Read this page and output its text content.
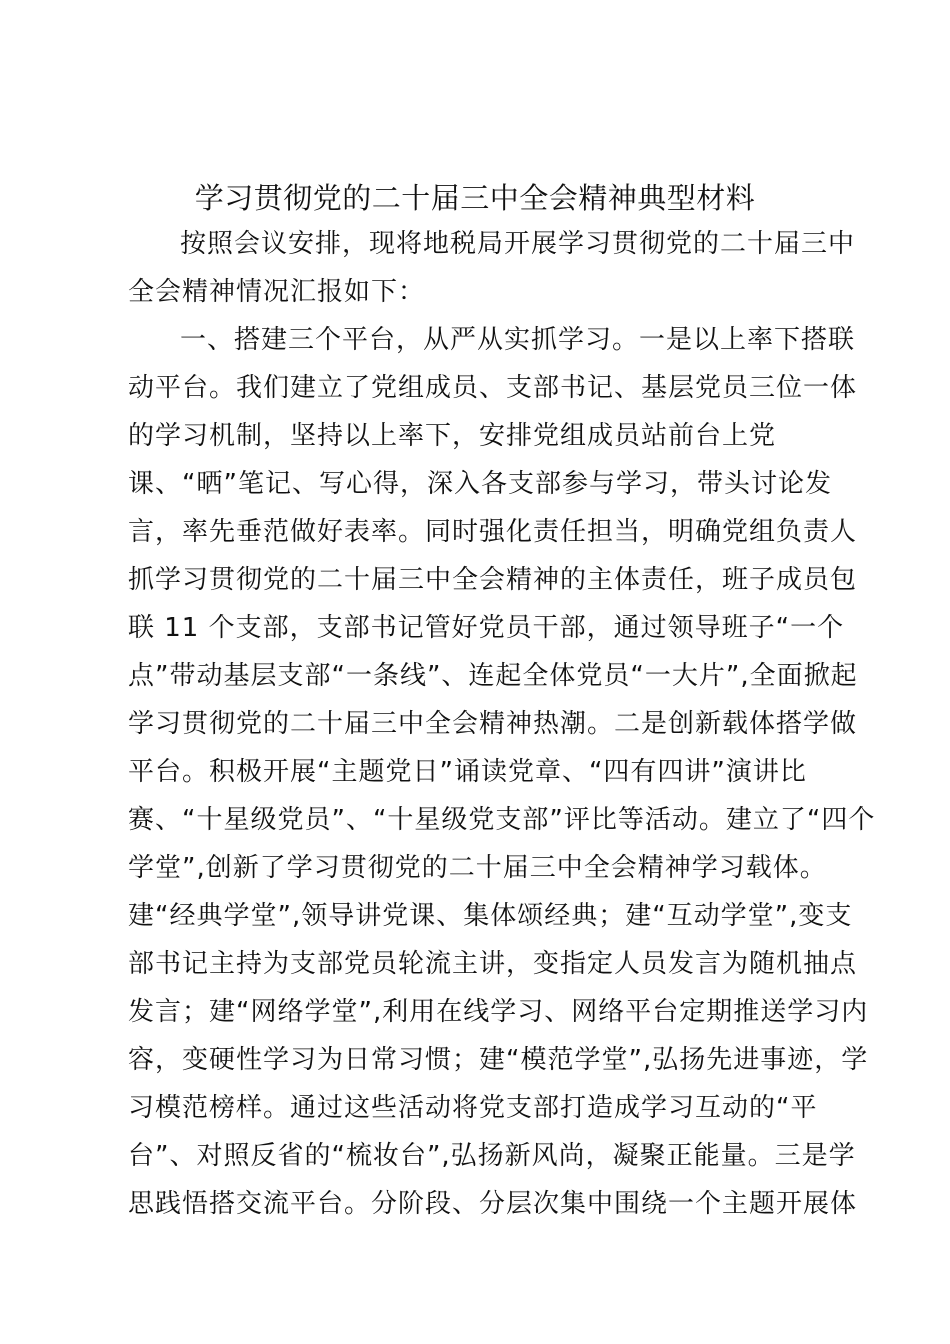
学习贯彻党的二十届三中全会精神典型材料
按照会议安排，现将地税局开展学习贯彻党的二十届三中
全会精神情况汇报如下：
一、搭建三个平台，从严从实抓学习。一是以上率下搭联
动平台。我们建立了党组成员、支部书记、基层党员三位一体
的学习机制，坚持以上率下，安排党组成员站前台上党
课、“晒”笔记、写心得，深入各支部参与学习，带头讨论发
言，率先垂范做好表率。同时强化责任担当，明确党组负责人
抓学习贯彻党的二十届三中全会精神的主体责任，班子成员包
联 11 个支部，支部书记管好党员干部，通过领导班子“一个
点”带动基层支部“一条线”、连起全体党员“一大片”,全面掀起
学习贯彻党的二十届三中全会精神热潮。二是创新载体搭学做
平台。积极开展“主题党日”诵读党章、“四有四讲”演讲比
赛、“十星级党员”、“十星级党支部”评比等活动。建立了“四个
学堂”,创新了学习贯彻党的二十届三中全会精神学习载体。
建“经典学堂”,领导讲党课、集体颂经典；建“互动学堂”,变支
部书记主持为支部党员轮流主讲，变指定人员发言为随机抽点
发言；建“网络学堂”,利用在线学习、网络平台定期推送学习内
容，变硬性学习为日常习惯；建“模范学堂”,弘扬先进事迹，学
习模范榜样。通过这些活动将党支部打造成学习互动的“平
台”、对照反省的“梳妆台”,弘扬新风尚，凝聚正能量。三是学
思践悟搭交流平台。分阶段、分层次集中围绕一个主题开展体
